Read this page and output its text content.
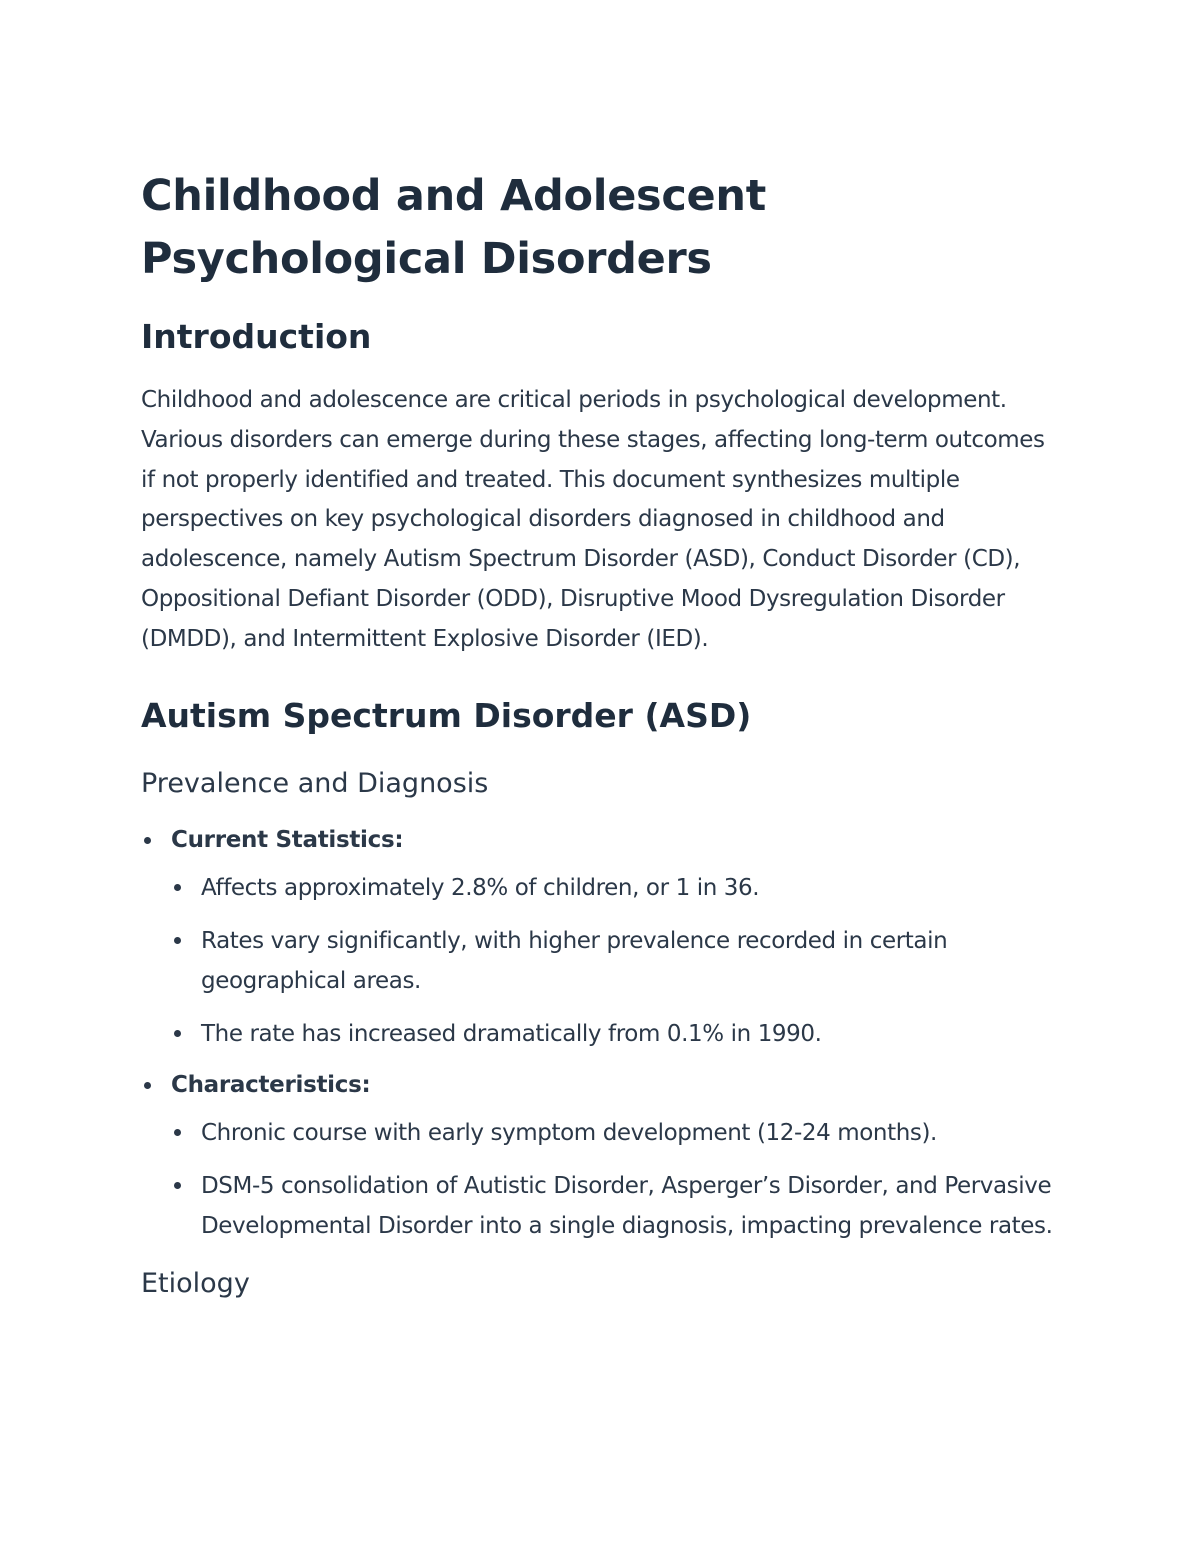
Childhood and Adolescent
Psychological Disorders
Introduction

Childhood and adolescence are critical periods in psychological development. Various disorders can emerge during these stages, affecting long-term outcomes if not properly identified and treated. This document synthesizes multiple perspectives on key psychological disorders diagnosed in childhood and adolescence, namely Autism Spectrum Disorder (ASD), Conduct Disorder (CD), Oppositional Defiant Disorder (ODD), Disruptive Mood Dysregulation Disorder (DMDD), and Intermittent Explosive Disorder (IED).

Autism Spectrum Disorder (ASD)
Prevalence and Diagnosis
Current Statistics:
Affects approximately 2.8% of children, or 1 in 36.
Rates vary significantly, with higher prevalence recorded in certain geographical areas.
The rate has increased dramatically from 0.1% in 1990.
Characteristics:
Chronic course with early symptom development (12-24 months).
DSM-5 consolidation of Autistic Disorder, Asperger’s Disorder, and Pervasive Developmental Disorder into a single diagnosis, impacting prevalence rates.
Etiology
